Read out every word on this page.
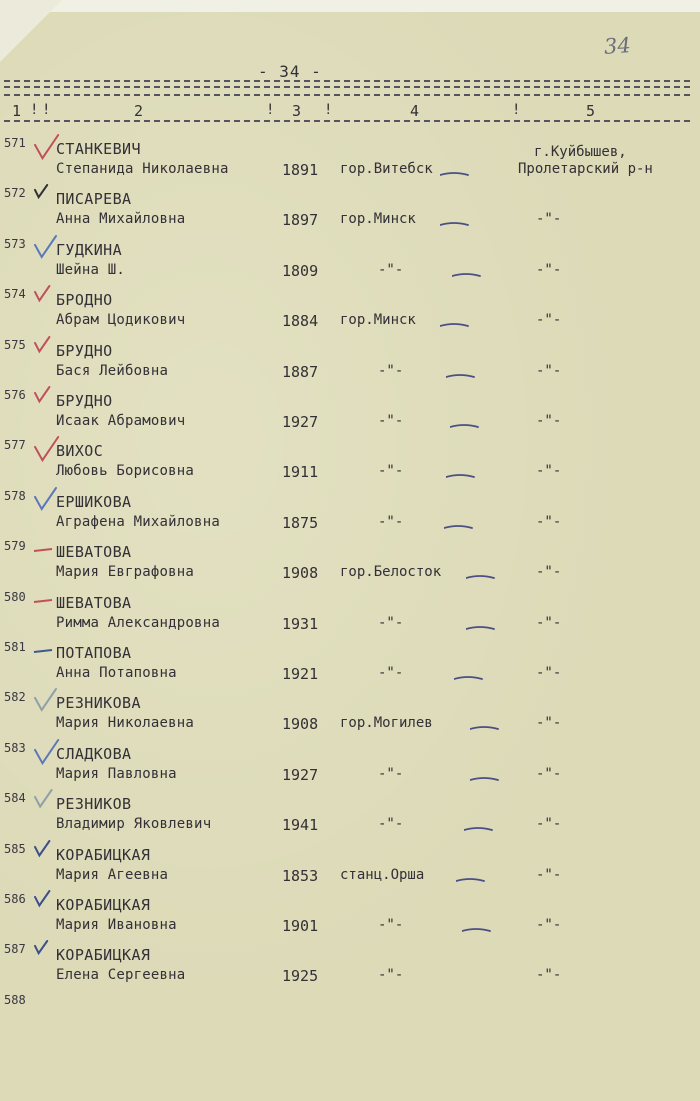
34
- 34 -
1	2	3	4	5
! !	!	!	!
571 СТАНКЕВИЧ
Степанида Николаевна	1891 гор.Витебск
г.Куйбышев,
Пролетарский р-н
572 ПИСАРЕВА
Анна Михайловна	1897 гор.Минск	-"-
573 ГУДКИНА
Шейна Ш.	1809	-"-	-"-
574 БРОДНО
Абрам Цодикович	1884 гор.Минск	-"-
575 БРУДНО
Бася Лейбовна	1887	-"-	-"-
576 БРУДНО
Исаак Абрамович	1927	-"-	-"-
577 ВИХОС
Любовь Борисовна	1911	-"-	-"-
578 ЕРШИКОВА
Аграфена Михайловна	1875	-"-	-"-
579 ШЕВАТОВА
Мария Евграфовна	1908 гор.Белосток	-"-
580 ШЕВАТОВА
Римма Александровна	1931	-"-	-"-
581 ПОТАПОВА
Анна Потаповна	1921	-"-	-"-
582 РЕЗНИКОВА
Мария Николаевна	1908 гор.Могилев	-"-
583 СЛАДКОВА
Мария Павловна	1927	-"-	-"-
584 РЕЗНИКОВ
Владимир Яковлевич	1941	-"-	-"-
585 КОРАБИЦКАЯ
Мария Агеевна	1853 станц.Орша	-"-
586 КОРАБИЦКАЯ
Мария Ивановна	1901	-"-	-"-
587 КОРАБИЦКАЯ
Елена Сергеевна	1925	-"-	-"-
588
